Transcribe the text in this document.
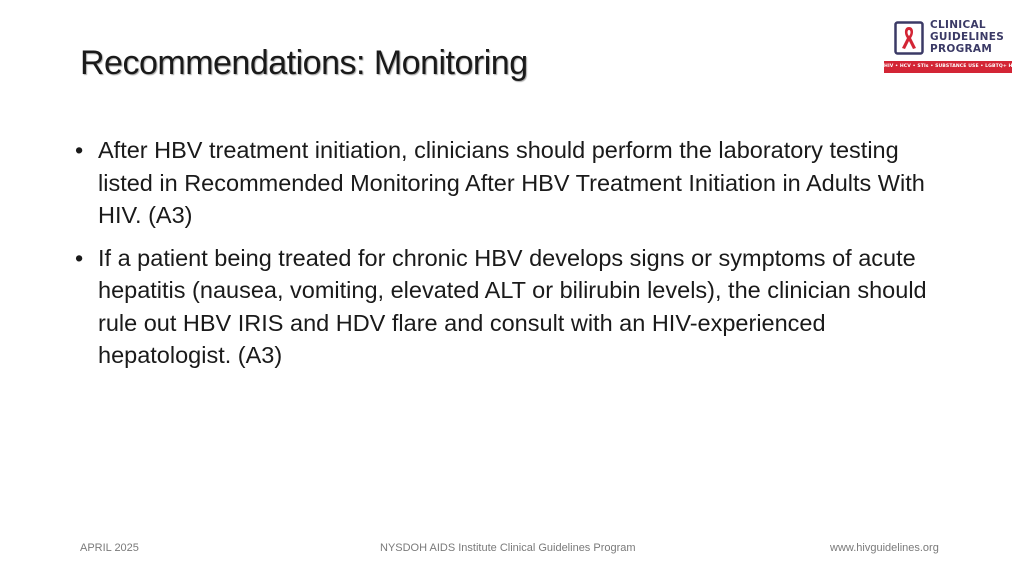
Recommendations: Monitoring
CLINICAL
GUIDELINES
PROGRAM
HIV • HCV • STIs • SUBSTANCE USE • LGBTQ+ HEALTH
• After HBV treatment initiation, clinicians should perform the laboratory testing listed in Recommended Monitoring After HBV Treatment Initiation in Adults With HIV. (A3)
• If a patient being treated for chronic HBV develops signs or symptoms of acute hepatitis (nausea, vomiting, elevated ALT or bilirubin levels), the clinician should rule out HBV IRIS and HDV flare and consult with an HIV-experienced hepatologist. (A3)
APRIL 2025	NYSDOH AIDS Institute Clinical Guidelines Program	www.hivguidelines.org
